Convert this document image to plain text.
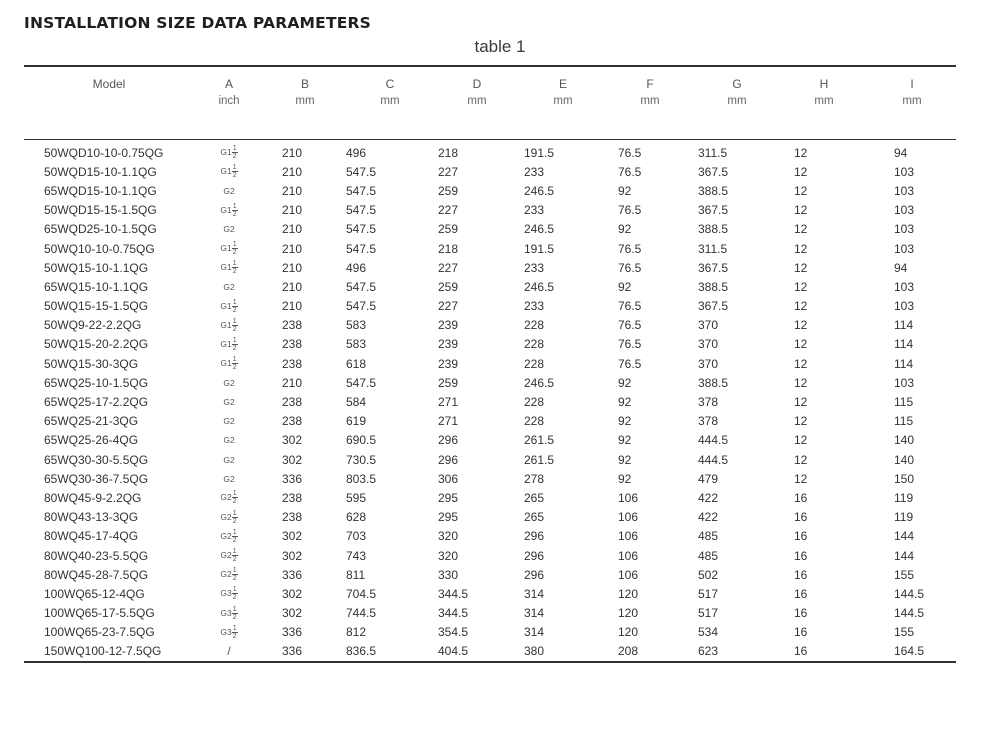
INSTALLATION SIZE DATA PARAMETERS
table 1
Model	A	B	C	D	E	F	G	H	I
	inch	mm	mm	mm	mm	mm	mm	mm	mm
50WQD10-10-0.75QG	$G1 \frac{1}{2}$	210	496	218	191.5	76.5	311.5	12	94
50WQD15-10-1.1QG	$G1 \frac{1}{2}$	210	547.5	227	233	76.5	367.5	12	103
65WQD15-10-1.1QG	G2	210	547.5	259	246.5	92	388.5	12	103
50WQD15-15-1.5QG	$G1 \frac{1}{2}$	210	547.5	227	233	76.5	367.5	12	103
65WQD25-10-1.5QG	G2	210	547.5	259	246.5	92	388.5	12	103
50WQ10-10-0.75QG	$G1 \frac{1}{2}$	210	547.5	218	191.5	76.5	311.5	12	103
50WQ15-10-1.1QG	$G1 \frac{1}{2}$	210	496	227	233	76.5	367.5	12	94
65WQ15-10-1.1QG	G2	210	547.5	259	246.5	92	388.5	12	103
50WQ15-15-1.5QG	$G1 \frac{1}{2}$	210	547.5	227	233	76.5	367.5	12	103
50WQ9-22-2.2QG	$G1 \frac{1}{2}$	238	583	239	228	76.5	370	12	114
50WQ15-20-2.2QG	$G1 \frac{1}{2}$	238	583	239	228	76.5	370	12	114
50WQ15-30-3QG	$G1 \frac{1}{2}$	238	618	239	228	76.5	370	12	114
65WQ25-10-1.5QG	G2	210	547.5	259	246.5	92	388.5	12	103
65WQ25-17-2.2QG	G2	238	584	271	228	92	378	12	115
65WQ25-21-3QG	G2	238	619	271	228	92	378	12	115
65WQ25-26-4QG	G2	302	690.5	296	261.5	92	444.5	12	140
65WQ30-30-5.5QG	G2	302	730.5	296	261.5	92	444.5	12	140
65WQ30-36-7.5QG	G2	336	803.5	306	278	92	479	12	150
80WQ45-9-2.2QG	$G2 \frac{1}{2}$	238	595	295	265	106	422	16	119
80WQ43-13-3QG	$G2 \frac{1}{2}$	238	628	295	265	106	422	16	119
80WQ45-17-4QG	$G2 \frac{1}{2}$	302	703	320	296	106	485	16	144
80WQ40-23-5.5QG	$G2 \frac{1}{2}$	302	743	320	296	106	485	16	144
80WQ45-28-7.5QG	$G2 \frac{1}{2}$	336	811	330	296	106	502	16	155
100WQ65-12-4QG	$G3 \frac{1}{2}$	302	704.5	344.5	314	120	517	16	144.5
100WQ65-17-5.5QG	$G3 \frac{1}{2}$	302	744.5	344.5	314	120	517	16	144.5
100WQ65-23-7.5QG	$G3 \frac{1}{2}$	336	812	354.5	314	120	534	16	155
150WQ100-12-7.5QG	/	336	836.5	404.5	380	208	623	16	164.5
